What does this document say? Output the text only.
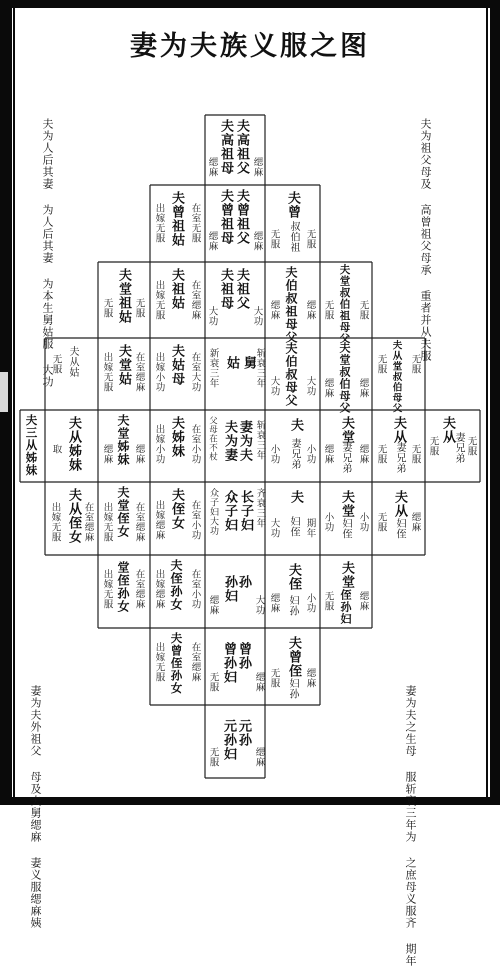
妻为夫族义服之图
夫为人后其妻 为人后其妻 为本生舅姑服 大功
夫为祖父母及 高曾祖父母承 重者并从夫服
妻为夫外祖父 母及夫舅缌麻 妻义服缌麻姨
妻为夫之生母 服斩衰三年为 之庶母义服齐 期年
夫高祖父
夫高祖母
缌麻	缌麻
夫曾祖姑
出嫁无服	在室无服	夫曾祖父
夫曾祖母
缌麻	缌麻
夫曾
叔伯祖
无服	无服
夫堂祖姑
无服 无服 夫祖姑
出嫁无服	在室缌麻	夫祖父
夫祖母
大功	大功 夫伯叔祖母父
缌麻	缌麻 夫堂叔伯祖母父
无服	无服
夫从姑
无服	夫堂姑
出嫁无服 在室缌麻 夫姑母
出嫁小功	在室大功	舅
姑
新衰三年	斩衰三年 夫伯叔母父
大功	大功 夫堂叔伯母父
缌麻	缌麻 夫从堂叔伯母父
无服 无服
夫三从姊妹 夫从姊妹
取	夫堂姊妹
缌麻 缌麻 夫姊妹
出嫁小功	在室小功	妻为夫
夫为妻
父母在不杖	斩衰三年 夫
妻兄弟
小功	小功
夫堂
妻兄弟
缌麻	缌麻
夫从
妻兄弟
无服 无服
夫从
妻兄弟
无服	无服
夫从侄女
出嫁无服 在室缌麻 夫堂侄女
出嫁无服 在室缌麻 夫侄女
出嫁缌麻	在室小功	长子妇
众子妇
众子妇大功	齐衰三年 夫
妇侄
大功	期年
夫堂
妇侄
小功	小功
夫从
妇侄
无服 缌麻
堂侄孙女
出嫁无服 在室缌麻 夫侄孙女
出嫁缌麻	在室小功	孙
孙妇
缌麻	大功
夫侄
妇孙
缌麻	小功
夫堂
侄孙妇
无服	缌麻
夫曾侄孙女
出嫁无服	在室缌麻	曾孙
曾孙妇
无服	缌麻
夫曾侄
妇孙
无服	缌麻
元孙
元孙妇
无服	缌麻
